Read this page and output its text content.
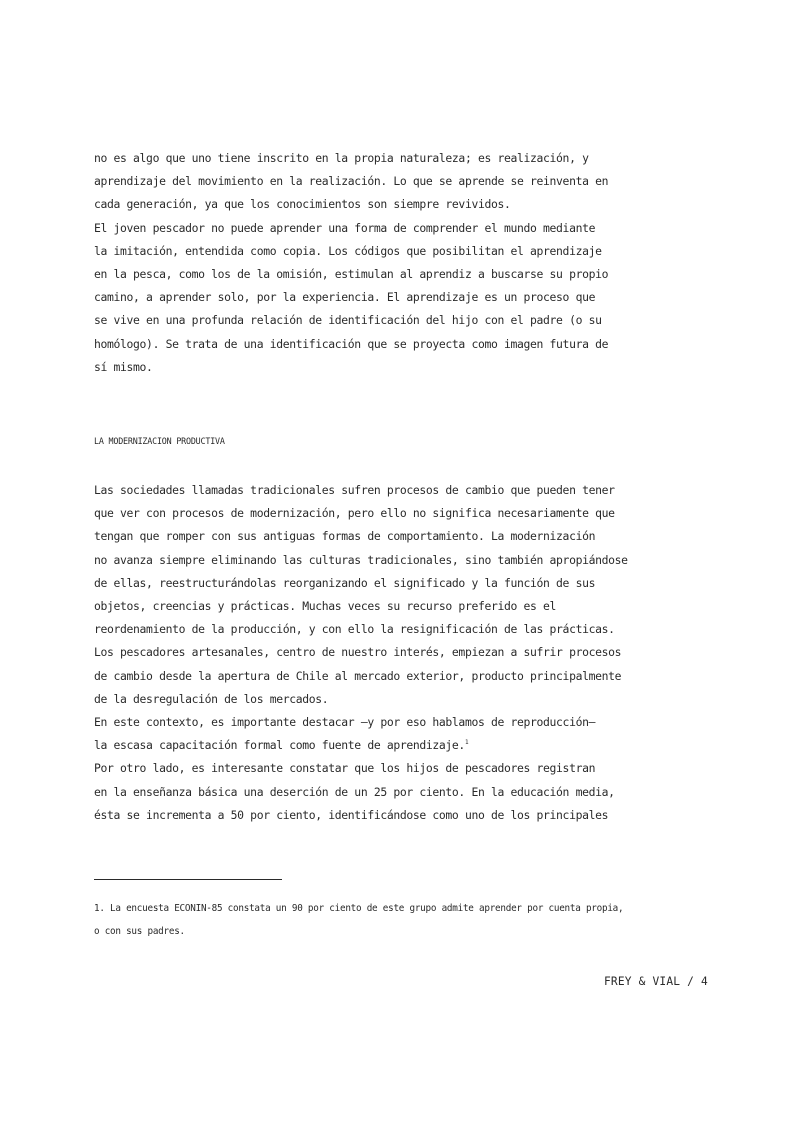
no es algo que uno tiene inscrito en la propia naturaleza; es realización, y
aprendizaje del movimiento en la realización. Lo que se aprende se reinventa en
cada generación, ya que los conocimientos son siempre revividos.

El joven pescador no puede aprender una forma de comprender el mundo mediante
la imitación, entendida como copia. Los códigos que posibilitan el aprendizaje
en la pesca, como los de la omisión, estimulan al aprendiz a buscarse su propio
camino, a aprender solo, por la experiencia. El aprendizaje es un proceso que
se vive en una profunda relación de identificación del hijo con el padre (o su
homólogo). Se trata de una identificación que se proyecta como imagen futura de
sí mismo.

LA MODERNIZACION PRODUCTIVA

Las sociedades llamadas tradicionales sufren procesos de cambio que pueden tener
que ver con procesos de modernización, pero ello no significa necesariamente que
tengan que romper con sus antiguas formas de comportamiento. La modernización
no avanza siempre eliminando las culturas tradicionales, sino también apropiándose
de ellas, reestructurándolas reorganizando el significado y la función de sus
objetos, creencias y prácticas. Muchas veces su recurso preferido es el
reordenamiento de la producción, y con ello la resignificación de las prácticas.
Los pescadores artesanales, centro de nuestro interés, empiezan a sufrir procesos
de cambio desde la apertura de Chile al mercado exterior, producto principalmente
de la desregulación de los mercados.

En este contexto, es importante destacar —y por eso hablamos de reproducción—
la escasa capacitación formal como fuente de aprendizaje.$^1$

Por otro lado, es interesante constatar que los hijos de pescadores registran
en la enseñanza básica una deserción de un 25 por ciento. En la educación media,
éstа se incrementa a 50 por ciento, identificándose como uno de los principales

1. La encuesta ECONIN-85 constata un 90 por ciento de este grupo admite aprender por cuenta propia,
o con sus padres.

FREY & VIAL / 4
